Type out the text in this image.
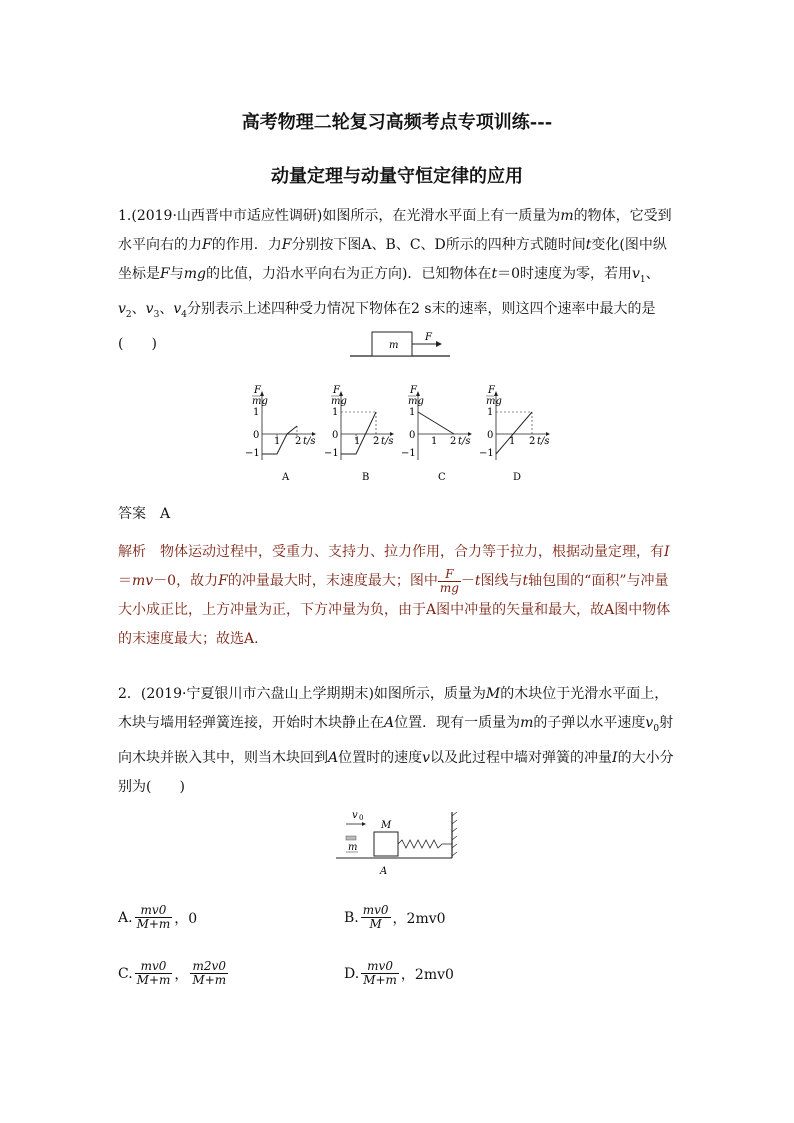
高考物理二轮复习高频考点专项训练---
动量定理与动量守恒定律的应用
1.(2019·山西晋中市适应性调研)如图所示，在光滑水平面上有一质量为m的物体，它受到水平向右的力F的作用．力F分别按下图A、B、C、D所示的四种方式随时间t变化(图中纵坐标是F与mg的比值，力沿水平向右为正方向)．已知物体在t＝0时速度为零，若用$v_1$、$v_2$、$v_3$、$v_4$分别表示上述四种受力情况下物体在2 s末的速率，则这四个速率中最大的是(　　)	m
F
F
mg
1
0
−1
1 2 t/s
A
F
mg
1
0
−1
1 2 t/s
B
F
mg
1
0
−1
1 2 t/s
C
F
mg
1
0
−1
1 2 t/s
D
答案　A
解析　物体运动过程中，受重力、支持力、拉力作用，合力等于拉力，根据动量定理，有I＝mv－0，故力F的冲量最大时，末速度最大；图中 $\frac{F}{mg} -t$图线与t轴包围的“面积”与冲量大小成正比，上方冲量为正，下方冲量为负，由于A图中冲量的矢量和最大，故A图中物体的末速度最大；故选A.
2．(2019·宁夏银川市六盘山上学期期末)如图所示，质量为M的木块位于光滑水平面上，木块与墙用轻弹簧连接，开始时木块静止在A位置．现有一质量为m的子弹以水平速度$v_0$射向木块并嵌入其中，则当木块回到A位置时的速度v以及此过程中墙对弹簧的冲量I的大小分别为(　　)
v 0
m
M
A
A. $\frac{mv0}{M+m}$ ，0	B. $\frac{mv0}{M}$ ，2mv0
C. $\frac{mv0}{M+m}$ ， $\frac{m2v0}{M+m}$	D. $\frac{mv0}{M+m}$ ，2mv0
